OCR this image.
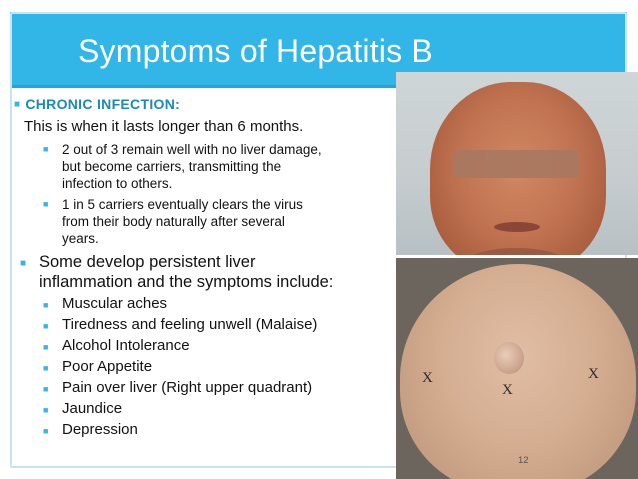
Symptoms of Hepatitis B
X
X
X
■ CHRONIC INFECTION:
This is when it lasts longer than 6 months.
■ 2 out of 3 remain well with no liver damage,
but become carriers, transmitting the
infection to others.
■ 1 in 5 carriers eventually clears the virus
from their body naturally after several
years.
■ Some develop persistent liver
inflammation and the symptoms include:
■ Muscular aches
■ Tiredness and feeling unwell (Malaise)
■ Alcohol Intolerance
■ Poor Appetite
■ Pain over liver (Right upper quadrant)
■ Jaundice
■ Depression
12
